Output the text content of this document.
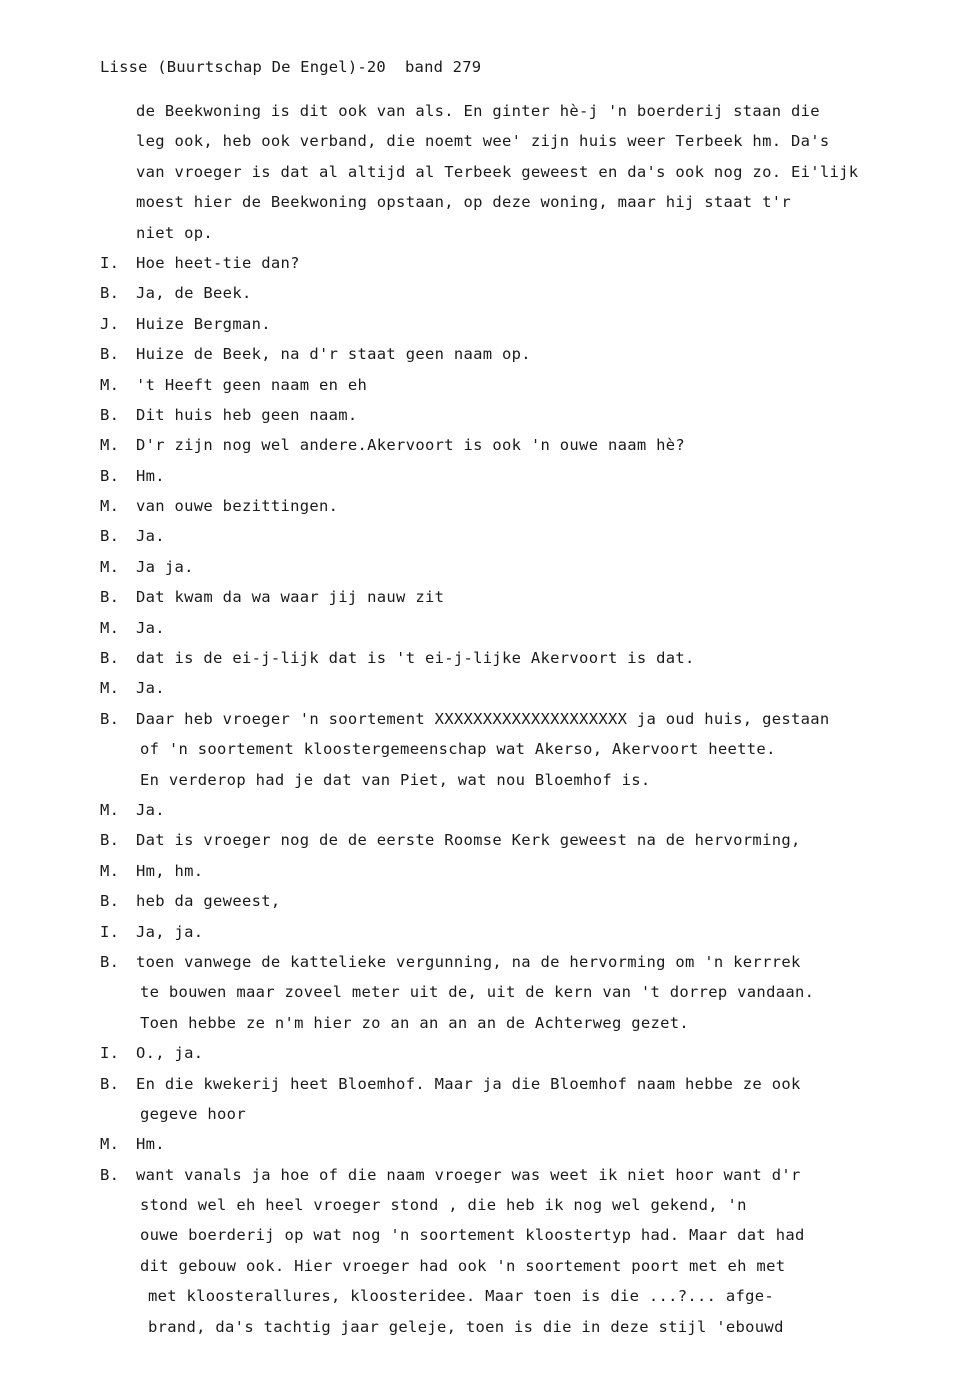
Lisse (Buurtschap De Engel)-20  band 279
de Beekwoning is dit ook van als. En ginter hè-j 'n boerderij staan die
leg ook, heb ook verband, die noemt wee' zijn huis weer Terbeek hm. Da's
van vroeger is dat al altijd al Terbeek geweest en da's ook nog zo. Ei'lijk
moest hier de Beekwoning opstaan, op deze woning, maar hij staat t'r
niet op.
I. Hoe heet-tie dan?
B. Ja, de Beek.
J. Huize Bergman.
B. Huize de Beek, na d'r staat geen naam op.
M. 't Heeft geen naam en eh
B. Dit huis heb geen naam.
M. D'r zijn nog wel andere.Akervoort is ook 'n ouwe naam hè?
B. Hm.
M. van ouwe bezittingen.
B. Ja.
M. Ja ja.
B. Dat kwam da wa waar jij nauw zit
M. Ja.
B. dat is de ei-j-lijk dat is 't ei-j-lijke Akervoort is dat.
M. Ja.
B. Daar heb vroeger 'n soortement XXXXXXXXXXXXXXXXXXXX ja oud huis, gestaan
of 'n soortement kloostergemeenschap wat Akerso, Akervoort heette.
En verderop had je dat van Piet, wat nou Bloemhof is.
M. Ja.
B. Dat is vroeger nog de de eerste Roomse Kerk geweest na de hervorming,
M. Hm, hm.
B. heb da geweest,
I. Ja, ja.
B. toen vanwege de kattelieke vergunning, na de hervorming om 'n kerrrek
te bouwen maar zoveel meter uit de, uit de kern van 't dorrep vandaan.
Toen hebbe ze n'm hier zo an an an an de Achterweg gezet.
I. O., ja.
B. En die kwekerij heet Bloemhof. Maar ja die Bloemhof naam hebbe ze ook
gegeve hoor
M. Hm.
B. want vanals ja hoe of die naam vroeger was weet ik niet hoor want d'r
stond wel eh heel vroeger stond , die heb ik nog wel gekend, 'n
ouwe boerderij op wat nog 'n soortement kloostertyp had. Maar dat had
dit gebouw ook. Hier vroeger had ook 'n soortement poort met eh met
met kloosterallures, kloosteridee. Maar toen is die ...?... afge-
brand, da's tachtig jaar geleje, toen is die in deze stijl 'ebouwd
